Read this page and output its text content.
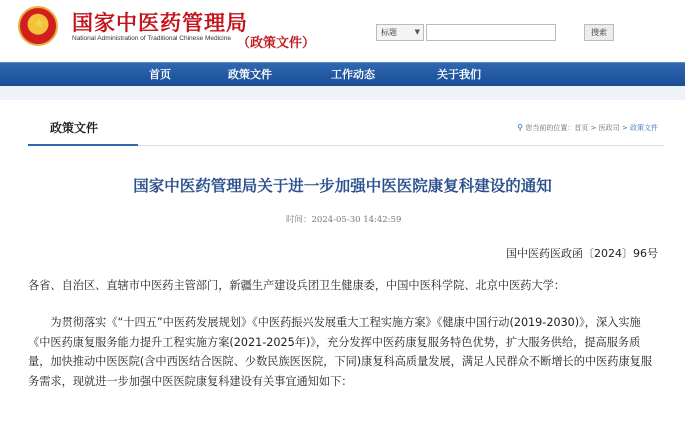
★ 国家中医药管理局
National Administration of Traditional Chinese Medicine （政策文件）
标题	▼	搜索
首页	政策文件	工作动态	关于我们
政策文件	⚲ 您当前的位置：首页 > 医政司 > 政策文件
国家中医药管理局关于进一步加强中医医院康复科建设的通知
时间：2024-05-30 14:42:59
国中医药医政函〔2024〕96号
各省、自治区、直辖市中医药主管部门，新疆生产建设兵团卫生健康委，中国中医科学院、北京中医药大学：
　　为贯彻落实《“十四五”中医药发展规划》《中医药振兴发展重大工程实施方案》《健康中国行动(2019-2030)》，深入实施《中医药康复服务能力提升工程实施方案(2021-2025年)》，充分发挥中医药康复服务特色优势，扩大服务供给，提高服务质量，加快推动中医医院(含中西医结合医院、少数民族医医院，下同)康复科高质量发展，满足人民群众不断增长的中医药康复服务需求，现就进一步加强中医医院康复科建设有关事宜通知如下：
